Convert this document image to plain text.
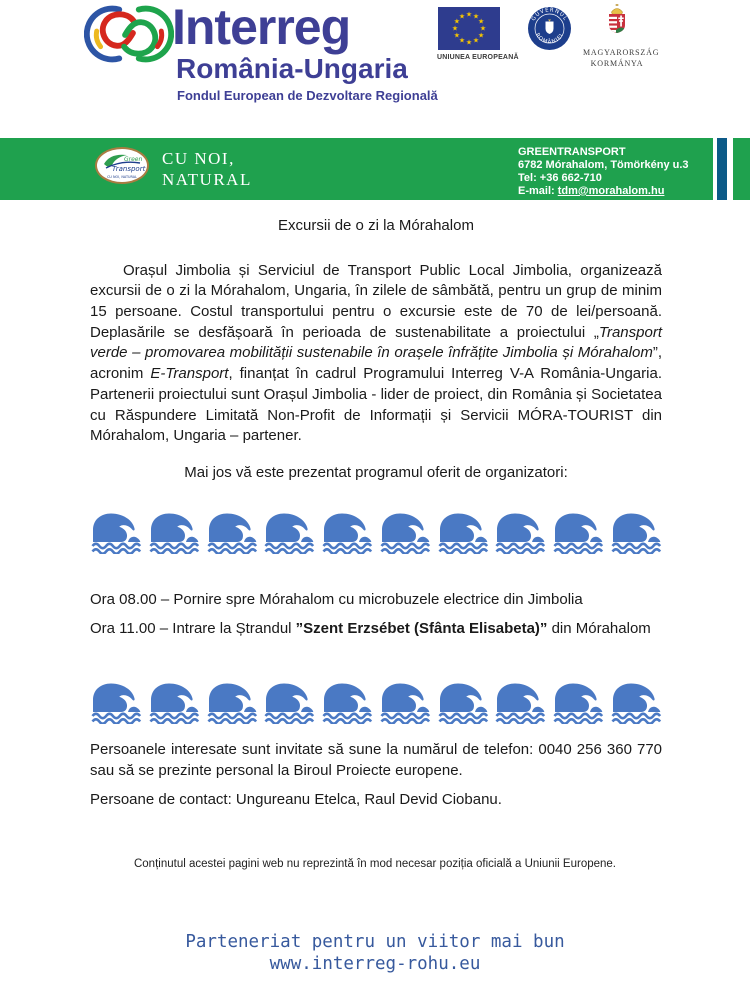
Interreg
România-Ungaria
Fondul European de Dezvoltare Regională
★ ★
★
★
★
★
★
★
★
★
★
★
UNIUNEA EUROPEANĂ
GUVERNUL
ROMÂNIEI
MAGYARORSZÁG
KORMÁNYA
Green
Transport
CU NOI, NATURAL
CU NOI,
NATURAL
GREENTRANSPORT
6782 Mórahalom, Tömörkény u.3
Tel: +36 662-710
E-mail: tdm@morahalom.hu
Excursii de o zi la Mórahalom

Orașul Jimbolia și Serviciul de Transport Public Local Jimbolia, organizează excursii de o zi la Mórahalom, Ungaria, în zilele de sâmbătă, pentru un grup de minim 15 persoane. Costul transportului pentru o excursie este de 70 de lei/persoană. Deplasările se desfășoară în perioada de sustenabilitate a proiectului „Transport verde – promovarea mobilității sustenabile în orașele înfrățite Jimbolia și Mórahalom”, acronim E-Transport, finanțat în cadrul Programului Interreg V-A România-Ungaria. Partenerii proiectului sunt Orașul Jimbolia - lider de proiect, din România și Societatea cu Răspundere Limitată Non-Profit de Informații și Servicii MÓRA-TOURIST din Mórahalom, Ungaria – partener.

Mai jos vă este prezentat programul oferit de organizatori:
Ora 08.00 – Pornire spre Mórahalom cu microbuzele electrice din Jimbolia
Ora 11.00 – Intrare la Ștrandul ”Szent Erzsébet (Sfânta Elisabeta)” din Mórahalom

Persoanele interesate sunt invitate să sune la numărul de telefon: 0040 256 360 770 sau să se prezinte personal la Biroul Proiecte europene.

Persoane de contact: Ungureanu Etelca, Raul Devid Ciobanu.

Conținutul acestei pagini web nu reprezintă în mod necesar poziția oficială a Uniunii Europene.
Parteneriat pentru un viitor mai bun
www.interreg-rohu.eu
